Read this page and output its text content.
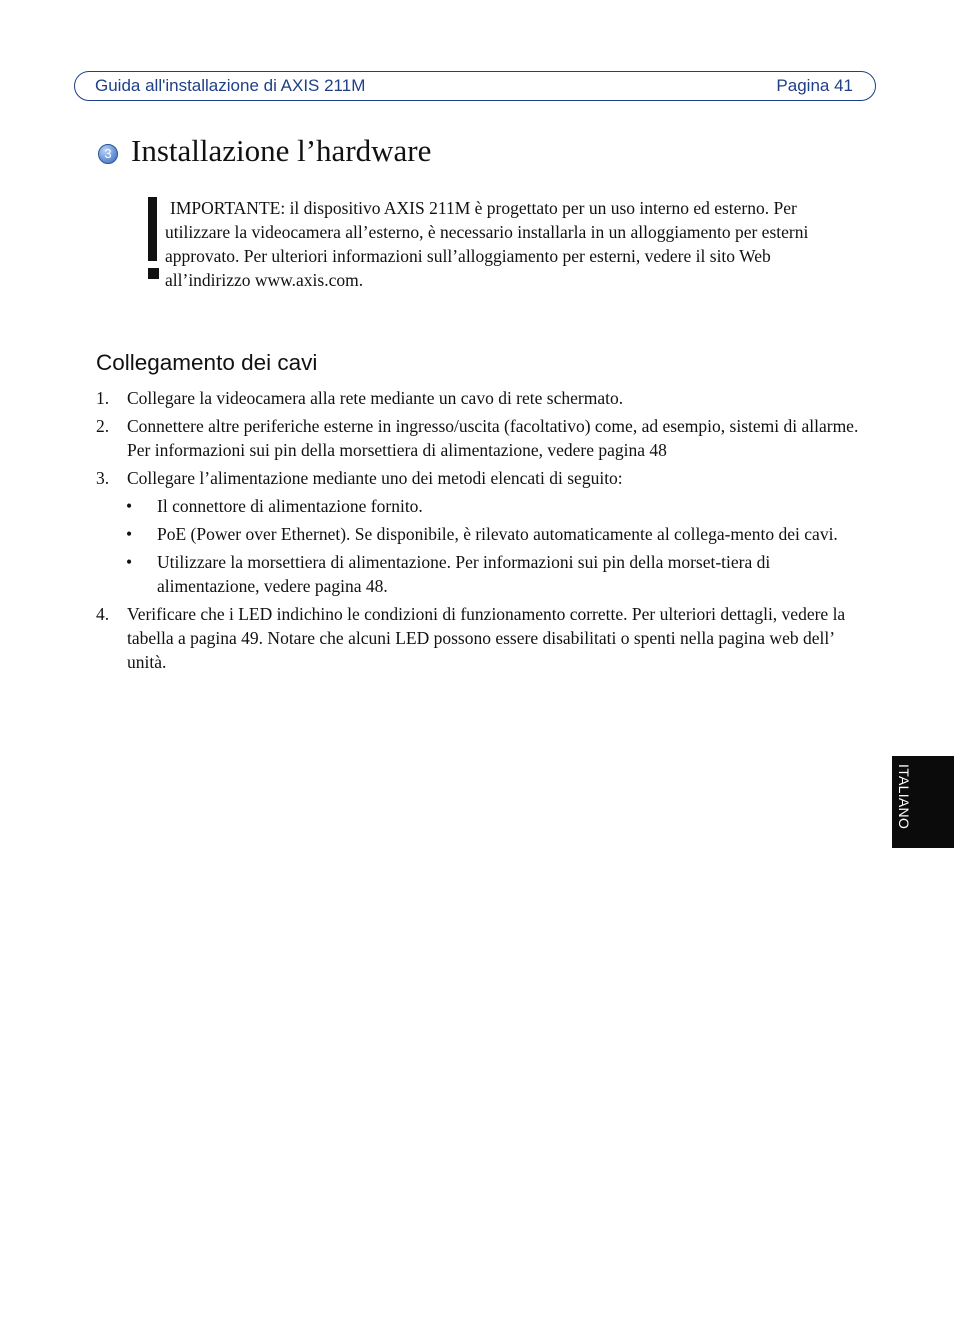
Guida all'installazione di AXIS 211M	Pagina 41
3 Installazione l’hardware
IMPORTANTE: il dispositivo AXIS 211M è progettato per un uso interno ed esterno. Per utilizzare la videocamera all’esterno, è necessario installarla in un alloggiamento per esterni approvato. Per ulteriori informazioni sull’alloggiamento per esterni, vedere il sito Web all’indirizzo www.axis.com.
Collegamento dei cavi
1. Collegare la videocamera alla rete mediante un cavo di rete schermato.
2. Connettere altre periferiche esterne in ingresso/uscita (facoltativo) come, ad esempio, sistemi di allarme. Per informazioni sui pin della morsettiera di alimentazione, vedere pagina 48
3. Collegare l’alimentazione mediante uno dei metodi elencati di seguito:
• Il connettore di alimentazione fornito.
• PoE (Power over Ethernet). Se disponibile, è rilevato automaticamente al collega-mento dei cavi.
• Utilizzare la morsettiera di alimentazione. Per informazioni sui pin della morset-tiera di alimentazione, vedere pagina 48.
4. Verificare che i LED indichino le condizioni di funzionamento corrette. Per ulteriori dettagli, vedere la tabella a pagina 49. Notare che alcuni LED possono essere disabilitati o spenti nella pagina web dell’ unità.
ITALIANO
